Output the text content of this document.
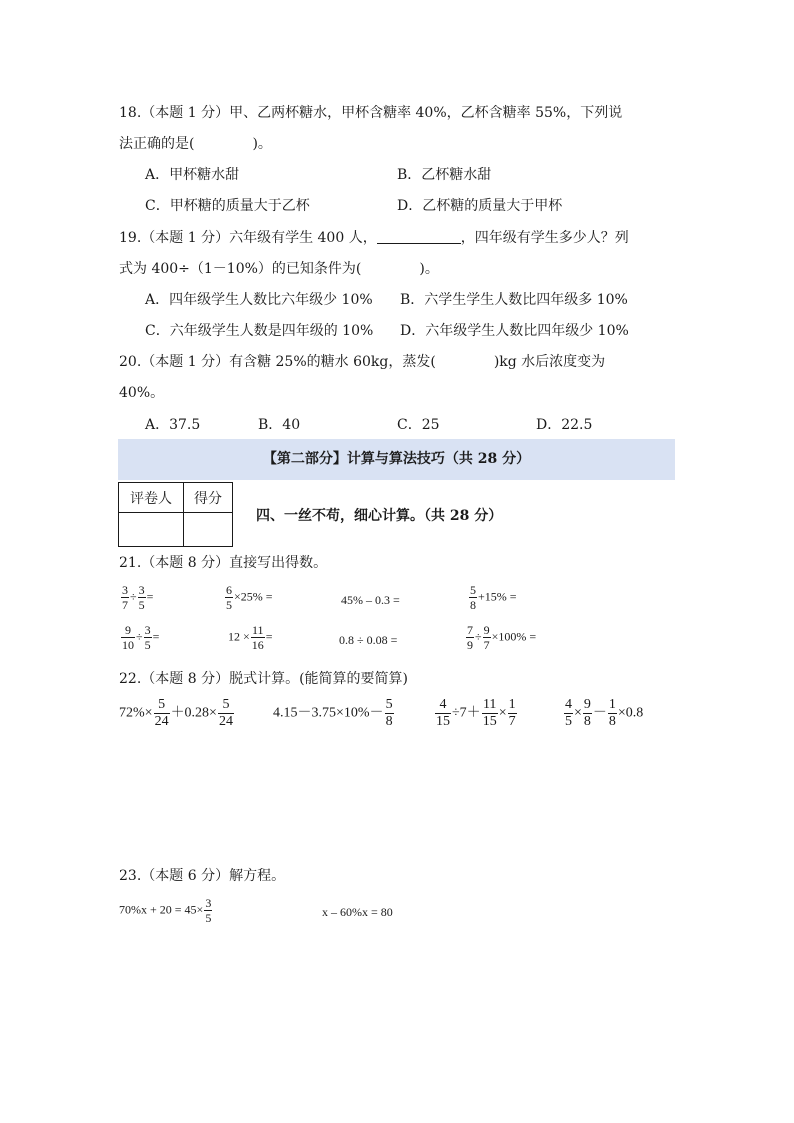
18.（本题 1 分）甲、乙两杯糖水，甲杯含糖率 40%，乙杯含糖率 55%，下列说
法正确的是(	)。
A．甲杯糖水甜	B．乙杯糖水甜
C．甲杯糖的质量大于乙杯	D．乙杯糖的质量大于甲杯
19.（本题 1 分）六年级有学生 400 人，	，四年级有学生多少人？列
式为 400÷（1－10%）的已知条件为(	)。
A．四年级学生人数比六年级少 10% B．六学生学生人数比四年级多 10%
C．六年级学生人数是四年级的 10% D．六年级学生人数比四年级少 10%
20.（本题 1 分）有含糖 25%的糖水 60kg，蒸发(	)kg 水后浓度变为
40%。
A．37.5	B．40	C．25	D．22.5
【第二部分】计算与算法技巧（共 28 分）
评卷人	得分

四、一丝不苟，细心计算。（共 28 分）
21.（本题 8 分）直接写出得数。
$\frac{3}{7} \div \frac{3}{5}$ =	$\frac{6}{5} \times 25\%$ =	45% – 0.3 =	$\frac{5}{8} +15\%$ =
$\frac{9}{10} \div \frac{3}{5}$ =	$12 \times \frac{11}{16}$ =	0.8 ÷ 0.08 =	$\frac{7}{9} \div \frac{9}{7} \times 100\%$ =
22.（本题 8 分）脱式计算。(能简算的要简算)
$72\%\times \frac{5}{24} +0.28\times \frac{5}{24}$	$4.15-3.75\times 10\%- \frac{5}{8}$	$\frac{4}{15} \div 7+ \frac{11}{15} \times \frac{1}{7}$	$\frac{4}{5} \times \frac{9}{8} - \frac{1}{8} \times 0.8$
23.（本题 6 分）解方程。
$70\%x + 20 = 45\times \frac{3}{5}$	x – 60%x = 80
